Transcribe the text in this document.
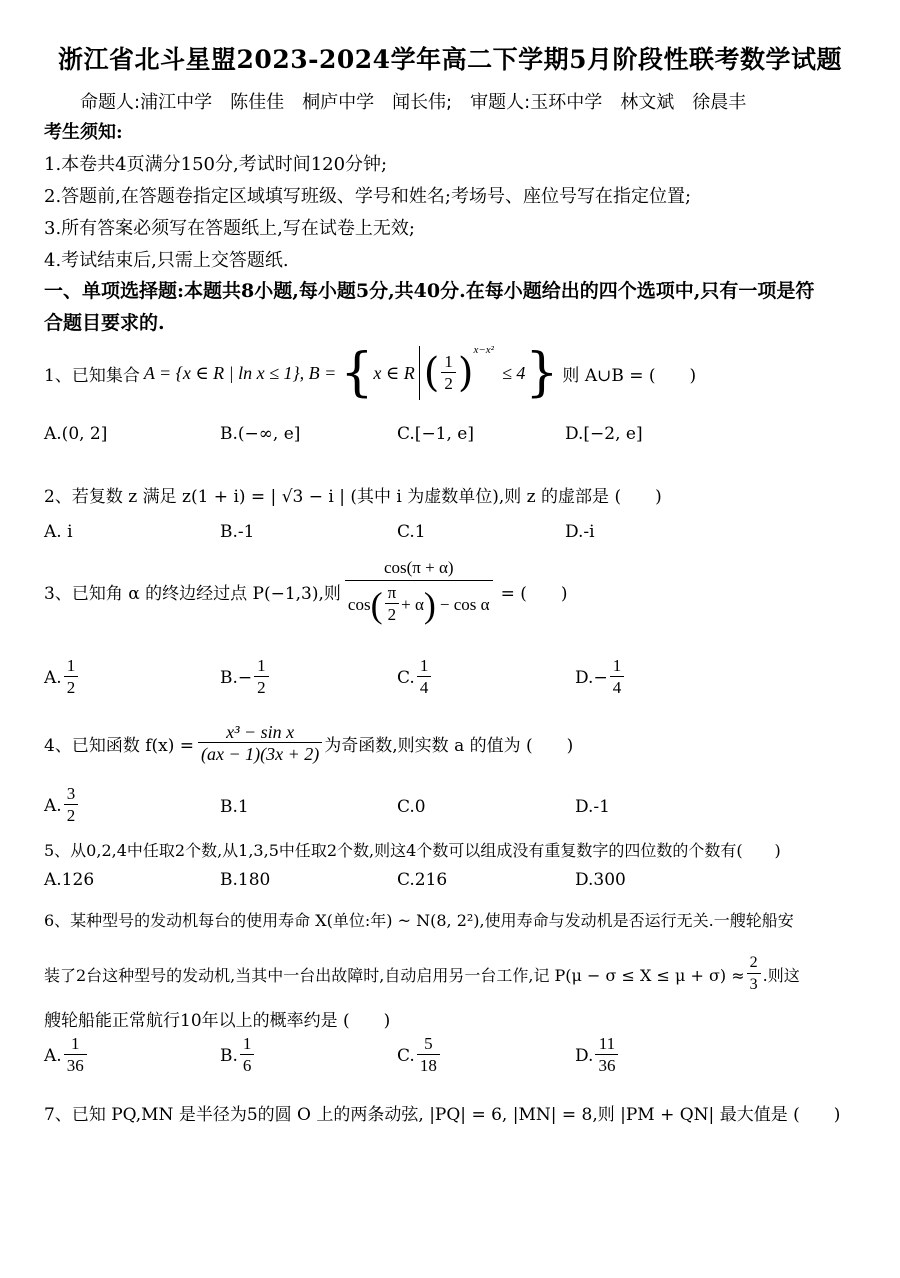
浙江省北斗星盟2023-2024学年高二下学期5月阶段性联考数学试题
命题人:浦江中学　陈佳佳　桐庐中学　闻长伟;　审题人:玉环中学　林文斌　徐晨丰
考生须知:
1.本卷共4页满分150分,考试时间120分钟;
2.答题前,在答题卷指定区域填写班级、学号和姓名;考场号、座位号写在指定位置;
3.所有答案必须写在答题纸上,写在试卷上无效;
4.考试结束后,只需上交答题纸.
一、单项选择题:本题共8小题,每小题5分,共40分.在每小题给出的四个选项中,只有一项是符
合题目要求的.
1、已知集合 A = {x ∈ R | ln x ≤ 1}, B = { x ∈ R ( $\frac{1}{2}$ ) x−x²
≤ 4 } 则 A∪B = (　　)
A.(0, 2]	B.(−∞, e]	C.[−1, e]	D.[−2, e]
2、若复数 z 满足 z(1 + i) = | √3 − i | (其中 i 为虚数单位),则 z 的虚部是 (　　)
A. i	B.-1	C.1	D.-i
3、已知角 α 的终边经过点 P(−1,3),则
cos(π + α)
cos ( $\frac{\pi}{2} + \alpha$ ) − cos α
= (　　)
A. $\frac{1}{2}$	B. − $\frac{1}{2}$	C. $\frac{1}{4}$	D. − $\frac{1}{4}$
4、已知函数 $f(x) = \frac{\text{x³ − sin x}}{(ax - 1)(3x + 2)}$ 为奇函数,则实数 a 的值为 (　　)
A. $\frac{3}{2}$	B.1	C.0	D.-1
5、从0,2,4中任取2个数,从1,3,5中任取2个数,则这4个数可以组成没有重复数字的四位数的个数有(　　)
A.126	B.180	C.216	D.300
6、某种型号的发动机每台的使用寿命 X(单位:年) ~ N(8, 2²),使用寿命与发动机是否运行无关.一艘轮船安
装了2台这种型号的发动机,当其中一台出故障时,自动启用另一台工作,记 $P(\mu - \sigma \le X \le \mu + \sigma) \approx \frac{2}{3}$ .则这
艘轮船能正常航行10年以上的概率约是 (　　)
A. $\frac{1}{36}$	B. $\frac{1}{6}$	C. $\frac{5}{18}$	D. $\frac{11}{36}$
7、已知 PQ,MN 是半径为5的圆 O 上的两条动弦, |PQ| = 6, |MN| = 8,则 |PM + QN| 最大值是 (　　)
